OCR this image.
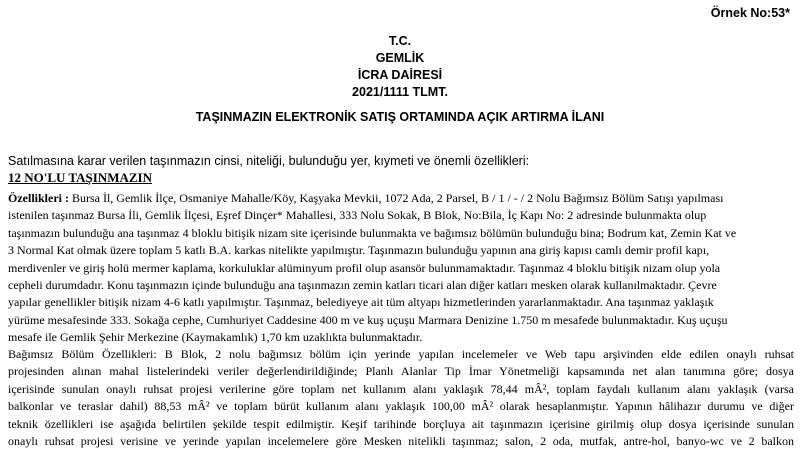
Örnek No:53*
T.C.
GEMLİK
İCRA DAİRESİ
2021/1111 TLMT.
TAŞINMAZIN ELEKTRONİK SATIŞ ORTAMINDA AÇIK ARTIRMA İLANI
Satılmasına karar verilen taşınmazın cinsi, niteliği, bulunduğu yer, kıymeti ve önemli özellikleri:
12 NO'LU TAŞINMAZIN
Özellikleri : Bursa İl, Gemlik İlçe, Osmaniye Mahalle/Köy, Kaşyaka Mevkii, 1072 Ada, 2 Parsel, B / 1 / - / 2 Nolu Bağımsız Bölüm Satışı yapılması
istenilen taşınmaz Bursa İli, Gemlik İlçesi, Eşref Dinçer* Mahallesi, 333 Nolu Sokak, B Blok, No:Bila, İç Kapı No: 2 adresinde bulunmakta olup
taşınmazın bulunduğu ana taşınmaz 4 bloklu bitişik nizam site içerisinde bulunmakta ve bağımsız bölümün bulunduğu bina; Bodrum kat, Zemin Kat ve
3 Normal Kat olmak üzere toplam 5 katlı B.A. karkas nitelikte yapılmıştır. Taşınmazın bulunduğu yapının ana giriş kapısı camlı demir profil kapı,
merdivenler ve giriş holü mermer kaplama, korkuluklar alüminyum profil olup asansör bulunmamaktadır. Taşınmaz 4 bloklu bitişik nizam olup yola
cepheli durumdadır. Konu taşınmazın içinde bulunduğu ana taşınmazın zemin katları ticari alan diğer katları mesken olarak kullanılmaktadır. Çevre
yapılar genellikler bitişik nizam 4-6 katlı yapılmıştır. Taşınmaz, belediyeye ait tüm altyapı hizmetlerinden yararlanmaktadır. Ana taşınmaz yaklaşık
yürüme mesafesinde 333. Sokağa cephe, Cumhuriyet Caddesine 400 m ve kuş uçuşu Marmara Denizine 1.750 m mesafede bulunmaktadır. Kuş uçuşu
mesafe ile Gemlik Şehir Merkezine (Kaymakamlık) 1,70 km uzaklıkta bulunmaktadır.
Bağımsız Bölüm Özellikleri: B Blok, 2 nolu bağımsız bölüm için yerinde yapılan incelemeler ve Web tapu arşivinden elde edilen onaylı ruhsat
projesinden alınan mahal listelerindeki veriler değerlendirildiğinde; Planlı Alanlar Tip İmar Yönetmeliği kapsamında net alan tanımına göre; dosya
içerisinde sunulan onaylı ruhsat projesi verilerine göre toplam net kullanım alanı yaklaşık 78,44 mÂ², toplam faydalı kullanım alanı yaklaşık (varsa
balkonlar ve teraslar dahil) 88,53 mÂ² ve toplam bürüt kullanım alanı yaklaşık 100,00 mÂ² olarak hesaplanmıştır. Yapının hâlihazır durumu ve diğer
teknik özellikleri ise aşağıda belirtilen şekilde tespit edilmiştir. Keşif tarihinde borçluya ait taşınmazın içerisine girilmiş olup dosya içerisinde sunulan
onaylı ruhsat projesi verisine ve yerinde yapılan incelemelere göre Mesken nitelikli taşınmaz; salon, 2 oda, mutfak, antre-hol, banyo-wc ve 2 balkon
